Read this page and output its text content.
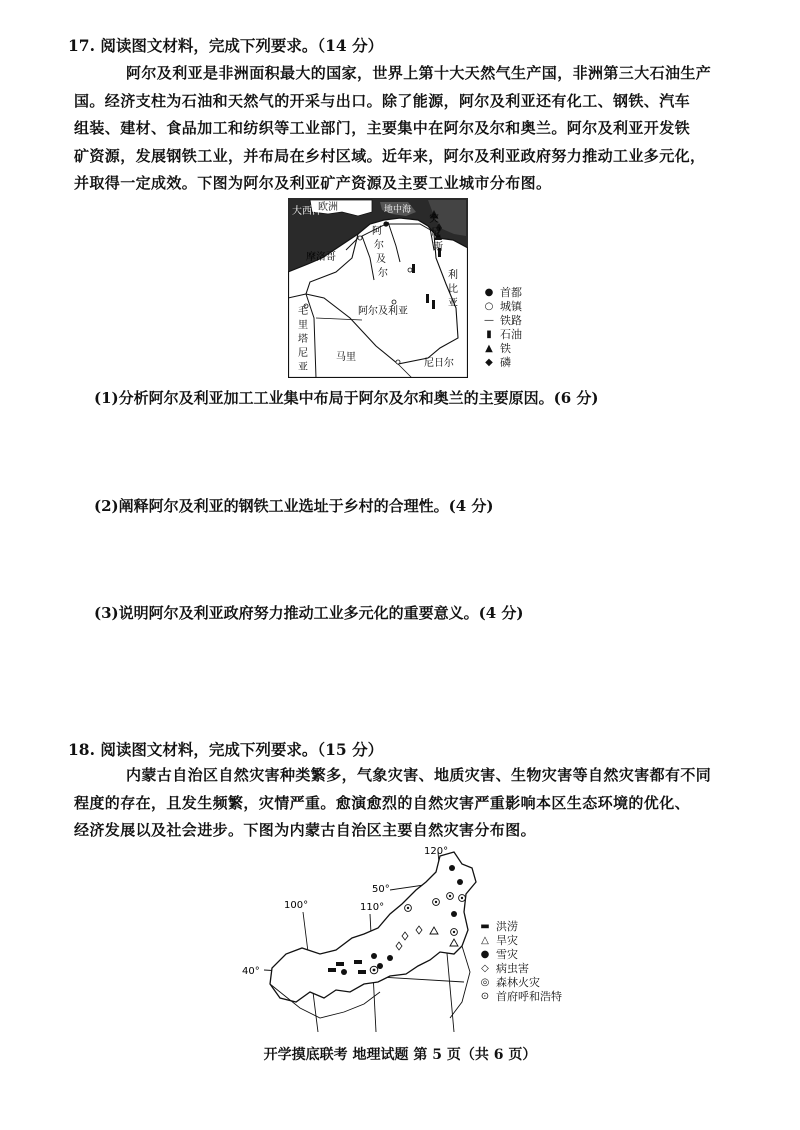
17. 阅读图文材料，完成下列要求。（14 分）
阿尔及利亚是非洲面积最大的国家，世界上第十大天然气生产国，非洲第三大石油生产
国。经济支柱为石油和天然气的开采与出口。除了能源，阿尔及利亚还有化工、钢铁、汽车
组装、建材、食品加工和纺织等工业部门，主要集中在阿尔及尔和奥兰。阿尔及利亚开发铁
矿资源，发展钢铁工业，并布局在乡村区域。近年来，阿尔及利亚政府努力推动工业多元化，
并取得一定成效。下图为阿尔及利亚矿产资源及主要工业城市分布图。
大西洋
欧洲	地中海
突
尼
斯
阿
尔
及
尔
摩洛哥
利
比
亚
阿尔及利亚
毛
里
塔
尼
亚
马里
尼日尔
● 首都
○ 城镇
— 铁路
▮ 石油
▲ 铁
◆ 磷
(1)分析阿尔及利亚加工工业集中布局于阿尔及尔和奥兰的主要原因。(6 分)
(2)阐释阿尔及利亚的钢铁工业选址于乡村的合理性。(4 分)
(3)说明阿尔及利亚政府努力推动工业多元化的重要意义。(4 分)
18. 阅读图文材料，完成下列要求。（15 分）
内蒙古自治区自然灾害种类繁多，气象灾害、地质灾害、生物灾害等自然灾害都有不同
程度的存在，且发生频繁，灾情严重。愈演愈烈的自然灾害严重影响本区生态环境的优化、
经济发展以及社会进步。下图为内蒙古自治区主要自然灾害分布图。
120°
100°	110°
50°
40°
▬ 洪涝
△ 旱灾
● 雪灾
◇ 病虫害
◎ 森林火灾
⊙ 首府呼和浩特
开学摸底联考 地理试题 第 5 页（共 6 页）
